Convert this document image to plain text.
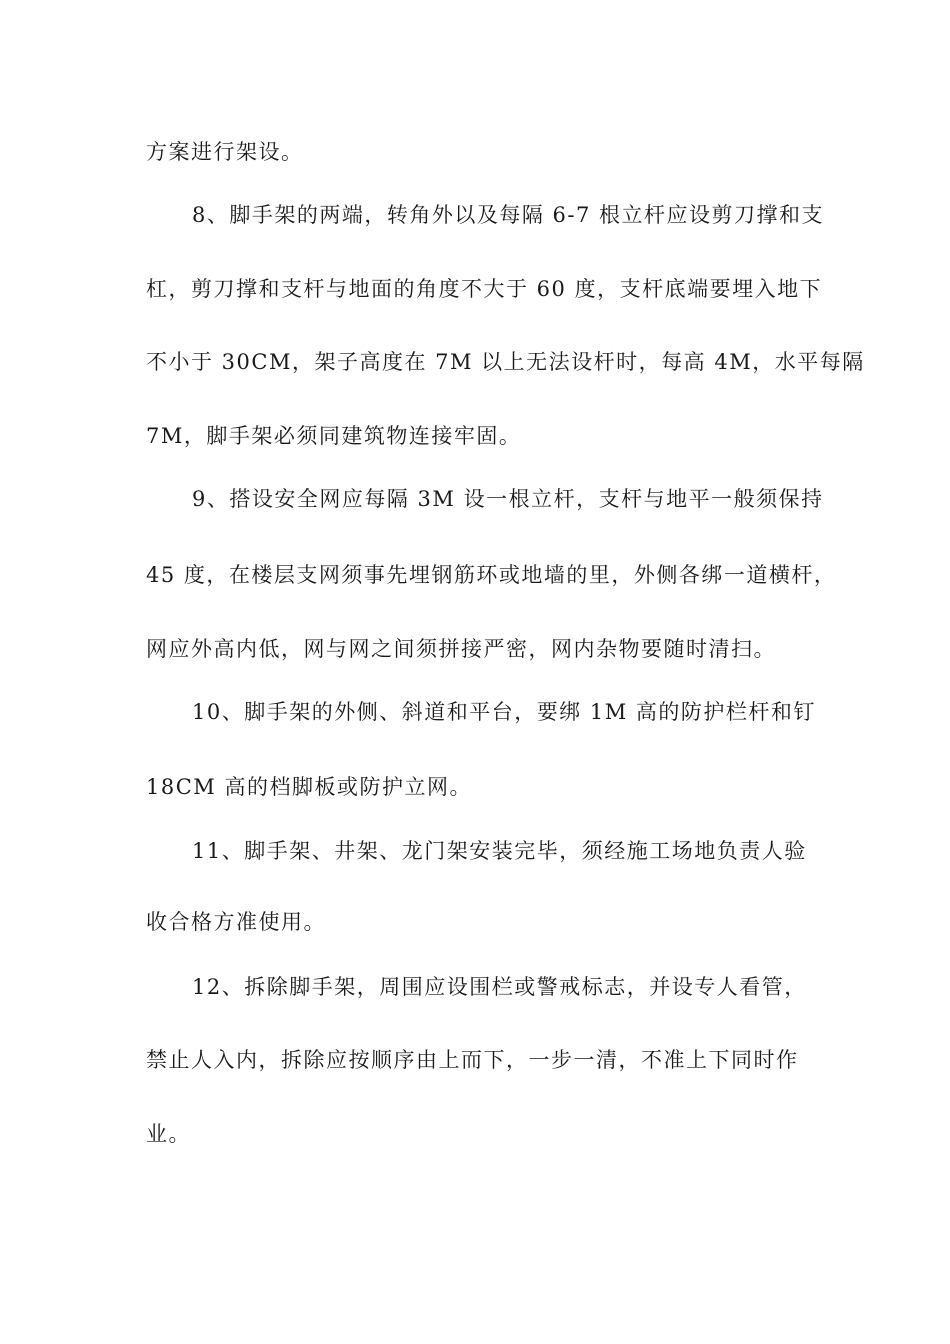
方案进行架设。
8、脚手架的两端，转角外以及每隔 6-7 根立杆应设剪刀撑和支
杠，剪刀撑和支杆与地面的角度不大于 60 度，支杆底端要埋入地下
不小于 30CM，架子高度在 7M 以上无法设杆时，每高 4M，水平每隔
7M，脚手架必须同建筑物连接牢固。
9、搭设安全网应每隔 3M 设一根立杆，支杆与地平一般须保持
45 度，在楼层支网须事先埋钢筋环或地墙的里，外侧各绑一道横杆，
网应外高内低，网与网之间须拼接严密，网内杂物要随时清扫。
10、脚手架的外侧、斜道和平台，要绑 1M 高的防护栏杆和钉
18CM 高的档脚板或防护立网。
11、脚手架、井架、龙门架安装完毕，须经施工场地负责人验
收合格方准使用。
12、拆除脚手架，周围应设围栏或警戒标志，并设专人看管，
禁止人入内，拆除应按顺序由上而下，一步一清，不准上下同时作
业。
